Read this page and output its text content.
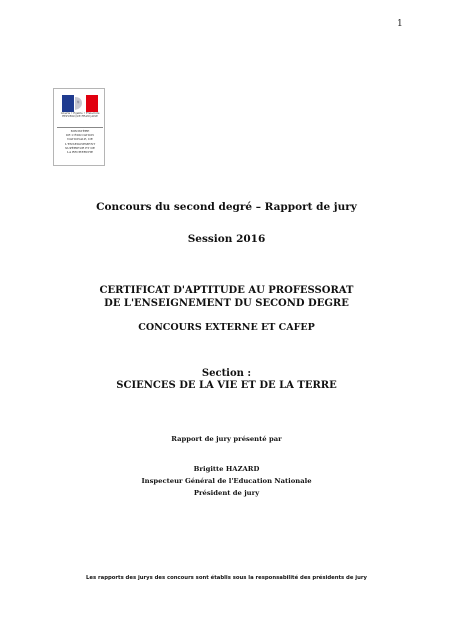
1
Liberté • Égalité • Fraternité
RÉPUBLIQUE FRANÇAISE
MINISTÈRE
DE L'ÉDUCATION
NATIONALE, DE
L'ENSEIGNEMENT
SUPÉRIEUR ET DE
LA RECHERCHE
Concours du second degré – Rapport de jury
Session 2016
CERTIFICAT D'APTITUDE AU PROFESSORAT
DE L'ENSEIGNEMENT DU SECOND DEGRE
CONCOURS EXTERNE ET CAFEP
Section :
SCIENCES DE LA VIE ET DE LA TERRE
Rapport de jury présenté par
Brigitte HAZARD
Inspecteur Général de l'Education Nationale
Président de jury
Les rapports des jurys des concours sont établis sous la responsabilité des présidents de jury
